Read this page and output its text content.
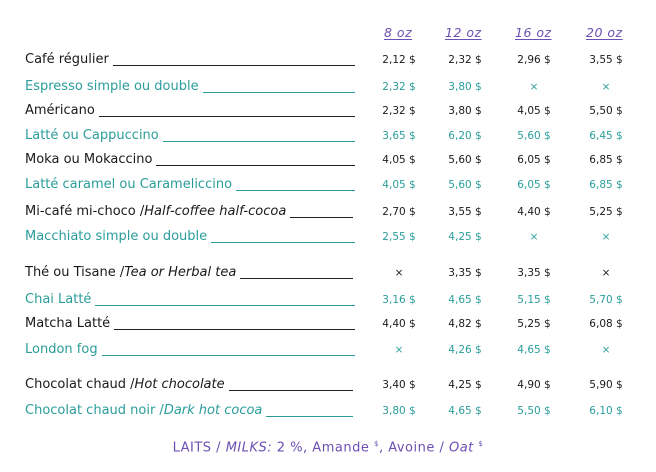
8 oz	12 oz	16 oz	20 oz
Café régulier	2,12 $	2,32 $	2,96 $	3,55 $
Espresso simple ou double	2,32 $	3,80 $	×	×
Américano	2,32 $	3,80 $	4,05 $	5,50 $
Latté ou Cappuccino	3,65 $	6,20 $	5,60 $	6,45 $
Moka ou Mokaccino	4,05 $	5,60 $	6,05 $	6,85 $
Latté caramel ou Carameliccino	4,05 $	5,60 $	6,05 $	6,85 $
Mi-café mi-choco / Half-coffee half-cocoa	2,70 $	3,55 $	4,40 $	5,25 $
Macchiato simple ou double	2,55 $	4,25 $	×	×
Thé ou Tisane / Tea or Herbal tea	×	3,35 $	3,35 $	×
Chai Latté	3,16 $	4,65 $	5,15 $	5,70 $
Matcha Latté	4,40 $	4,82 $	5,25 $	6,08 $
London fog	×	4,26 $	4,65 $	×
Chocolat chaud / Hot chocolate	3,40 $	4,25 $	4,90 $	5,90 $
Chocolat chaud noir / Dark hot cocoa	3,80 $	4,65 $	5,50 $	6,10 $
LAITS / MILKS: 2 %, Amande $, Avoine / Oat $
